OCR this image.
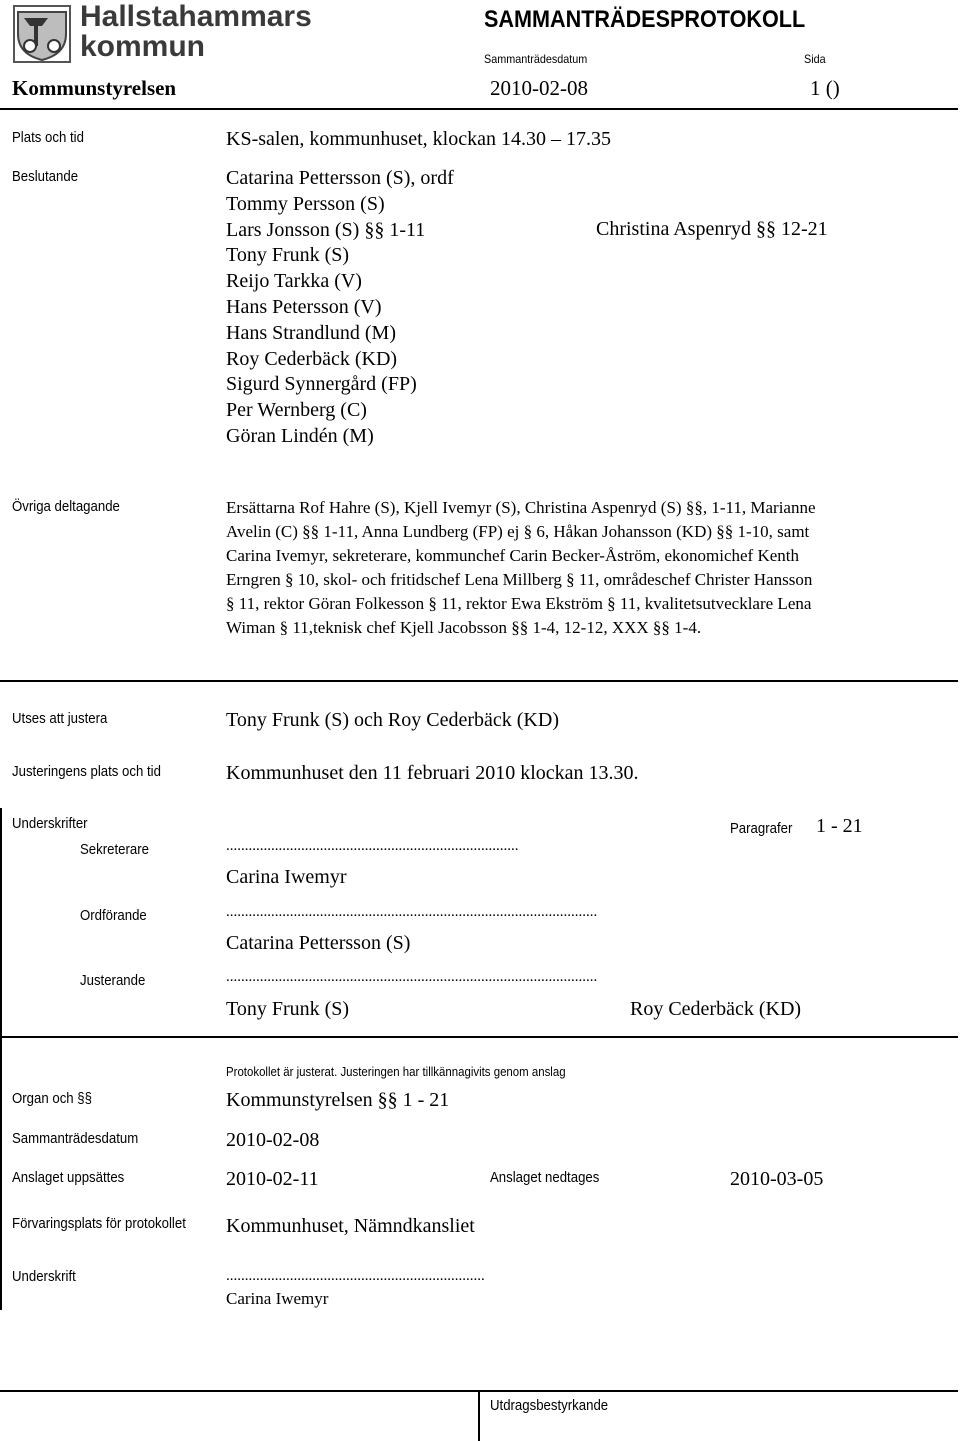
Hallstahammars
kommun
SAMMANTRÄDESPROTOKOLL
Sammanträdesdatum	Sida
Kommunstyrelsen	2010-02-08	1 ()
Plats och tid	KS-salen, kommunhuset, klockan 14.30 – 17.35
Beslutande	Catarina Pettersson (S), ordf
Tommy Persson (S)
Lars Jonsson (S) §§ 1-11
Tony Frunk (S)
Reijo Tarkka (V)
Hans Petersson (V)
Hans Strandlund (M)
Roy Cederbäck (KD)
Sigurd Synnergård (FP)
Per Wernberg (C)
Göran Lindén (M)
Christina Aspenryd §§ 12-21
Övriga deltagande	Ersättarna Rof Hahre (S), Kjell Ivemyr (S), Christina Aspenryd (S) §§, 1-11, Marianne
Avelin (C) §§ 1-11, Anna Lundberg (FP) ej § 6, Håkan Johansson (KD) §§ 1-10, samt
Carina Ivemyr, sekreterare, kommunchef Carin Becker-Åström, ekonomichef Kenth
Erngren § 10, skol- och fritidschef Lena Millberg § 11, områdeschef Christer Hansson
§ 11, rektor Göran Folkesson § 11, rektor Ewa Ekström § 11, kvalitetsutvecklare Lena
Wiman § 11,teknisk chef Kjell Jacobsson §§ 1-4, 12-12, XXX §§ 1-4.
Utses att justera	Tony Frunk (S) och Roy Cederbäck (KD)
Justeringens plats och tid	Kommunhuset den 11 februari 2010 klockan 13.30.
Underskrifter	Paragrafer 1 - 21
Sekreterare	..............................................................................
Carina Iwemyr
Ordförande	...................................................................................................
Catarina Pettersson (S)
Justerande	...................................................................................................
Tony Frunk (S)	Roy Cederbäck (KD)
Protokollet är justerat. Justeringen har tillkännagivits genom anslag
Organ och §§	Kommunstyrelsen §§ 1 - 21
Sammanträdesdatum	2010-02-08
Anslaget uppsättes	2010-02-11	Anslaget nedtages	2010-03-05
Förvaringsplats för protokollet Kommunhuset, Nämndkansliet
Underskrift	.....................................................................
Carina Iwemyr
Utdragsbestyrkande
